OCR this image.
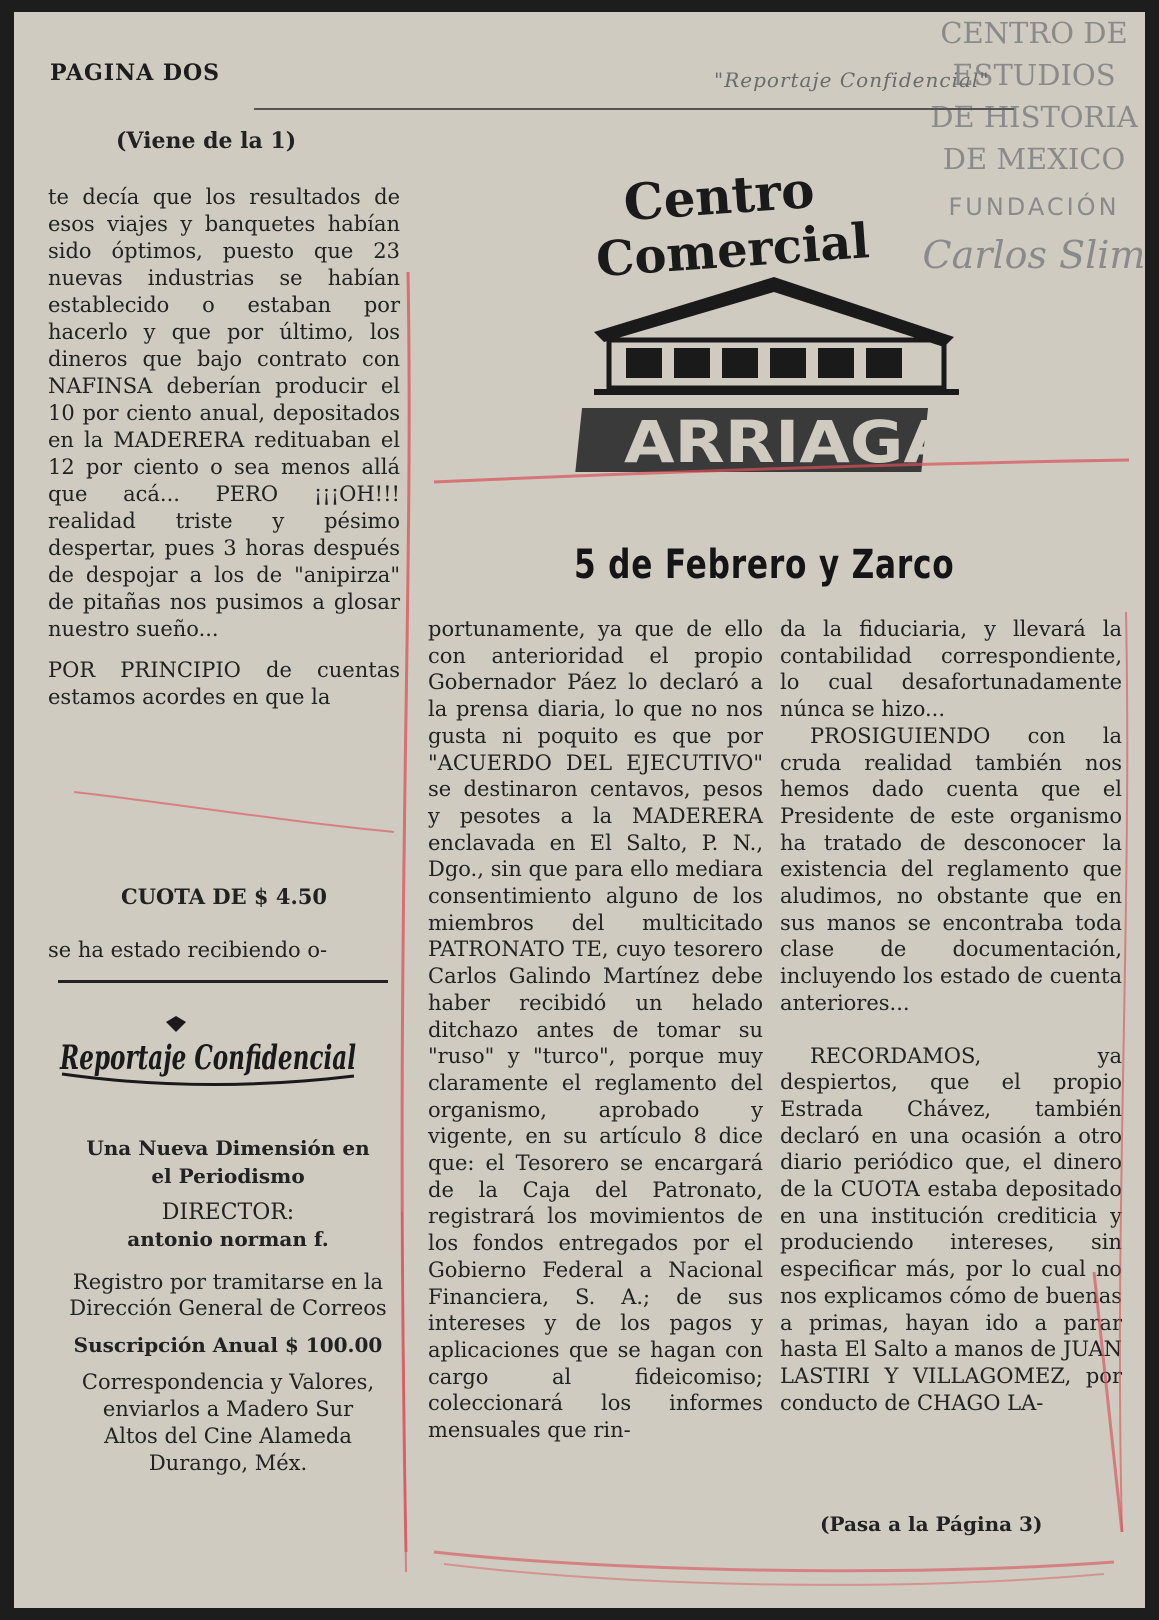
CENTRO DE
ESTUDIOS
DE HISTORIA
DE MEXICO
FUNDACIÓN
Carlos Slim
PAGINA DOS	"Reportaje Confidencial"
(Viene de la 1)

te decía que los resultados de esos viajes y banquetes habían sido óptimos, puesto que 23 nuevas industrias se habían establecido o estaban por hacerlo y que por último, los dineros que bajo contrato con NAFINSA deberían producir el 10 por ciento anual, depositados en la MADERERA redituaban el 12 por ciento o sea menos allá que acá... PERO ¡¡¡OH!!! realidad triste y pésimo despertar, pues 3 horas después de despojar a los de "anipirza" de pitañas nos pusimos a glosar nuestro sueño...

POR PRINCIPIO de cuentas estamos acordes en que la

CUOTA DE $ 4.50
se ha estado recibiendo o-
Reportaje Confidencial
Una Nueva Dimensión en
el Periodismo
DIRECTOR:
antonio norman f.
Registro por tramitarse en la Dirección General de Correos
Suscripción Anual $ 100.00
Correspondencia y Valores,
enviarlos a Madero Sur
Altos del Cine Alameda
Durango, Méx.
Centro
Comercial
ARRIAGA
5 de Febrero y Zarco

portunamente, ya que de ello con anterioridad el propio Gobernador Páez lo declaró a la prensa diaria, lo que no nos gusta ni poquito es que por "ACUERDO DEL EJECUTIVO" se destinaron centavos, pesos y pesotes a la MADERERA enclavada en El Salto, P. N., Dgo., sin que para ello mediara consentimiento alguno de los miembros del multicitado PATRONATO TE, cuyo tesorero Carlos Galindo Martínez debe haber recibidó un helado ditchazo antes de tomar su "ruso" y "turco", porque muy claramente el reglamento del organismo, aprobado y vigente, en su artículo 8 dice que: el Tesorero se encargará de la Caja del Patronato, registrará los movimientos de los fondos entregados por el Gobierno Federal a Nacional Financiera, S. A.; de sus intereses y de los pagos y aplicaciones que se hagan con cargo al fideicomiso; coleccionará los informes mensuales que rin-

da la fiduciaria, y llevará la contabilidad correspondiente, lo cual desafortunadamente núnca se hizo...

PROSIGUIENDO con la cruda realidad también nos hemos dado cuenta que el Presidente de este organismo ha tratado de desconocer la existencia del reglamento que aludimos, no obstante que en sus manos se encontraba toda clase de documentación, incluyendo los estado de cuenta anteriores...

RECORDAMOS, ya despiertos, que el propio Estrada Chávez, también declaró en una ocasión a otro diario periódico que, el dinero de la CUOTA estaba depositado en una institución crediticia y produciendo intereses, sin especificar más, por lo cual no nos explicamos cómo de buenas a primas, hayan ido a parar hasta El Salto a manos de JUAN LASTIRI Y VILLAGOMEZ, por conducto de CHAGO LA-

(Pasa a la Página 3)
